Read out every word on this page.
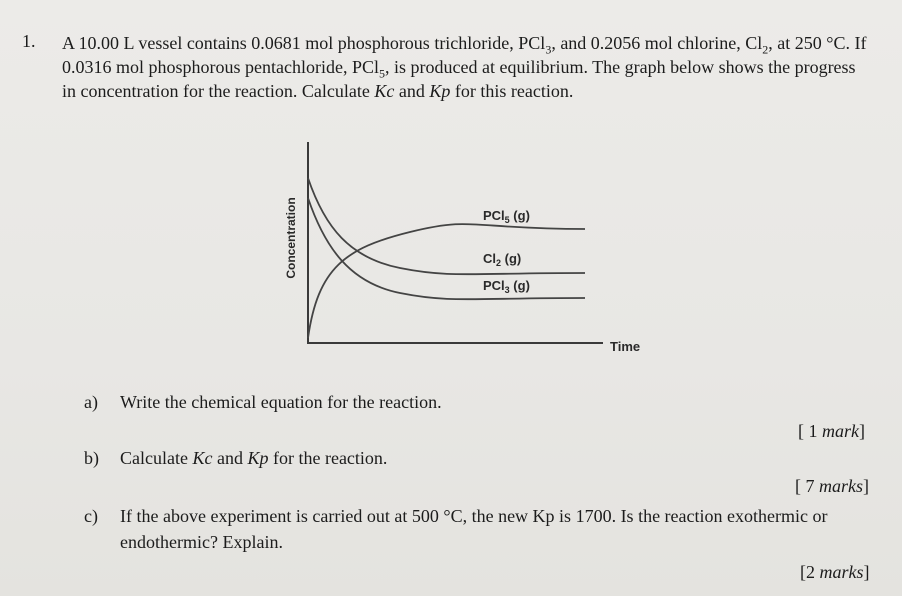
1. A 10.00 L vessel contains 0.0681 mol phosphorous trichloride, PCl$_3$, and 0.2056 mol chlorine, $Cl_2$, at 250 °C. If 0.0316 mol phosphorous pentachloride, PCl$_5$, is produced at equilibrium. The graph below shows the progress in concentration for the reaction. Calculate Kc and Kp for this reaction.

Concentration
Time
PCl$_5$ (g)
$Cl_2$ (g)
PCl$_3$ (g)
a) Write the chemical equation for the reaction.
[ 1 mark]
b) Calculate Kc and Kp for the reaction.
[ 7 marks]
c) If the above experiment is carried out at 500 °C, the new Kp is 1700. Is the reaction exothermic or endothermic? Explain.
[2 marks]
